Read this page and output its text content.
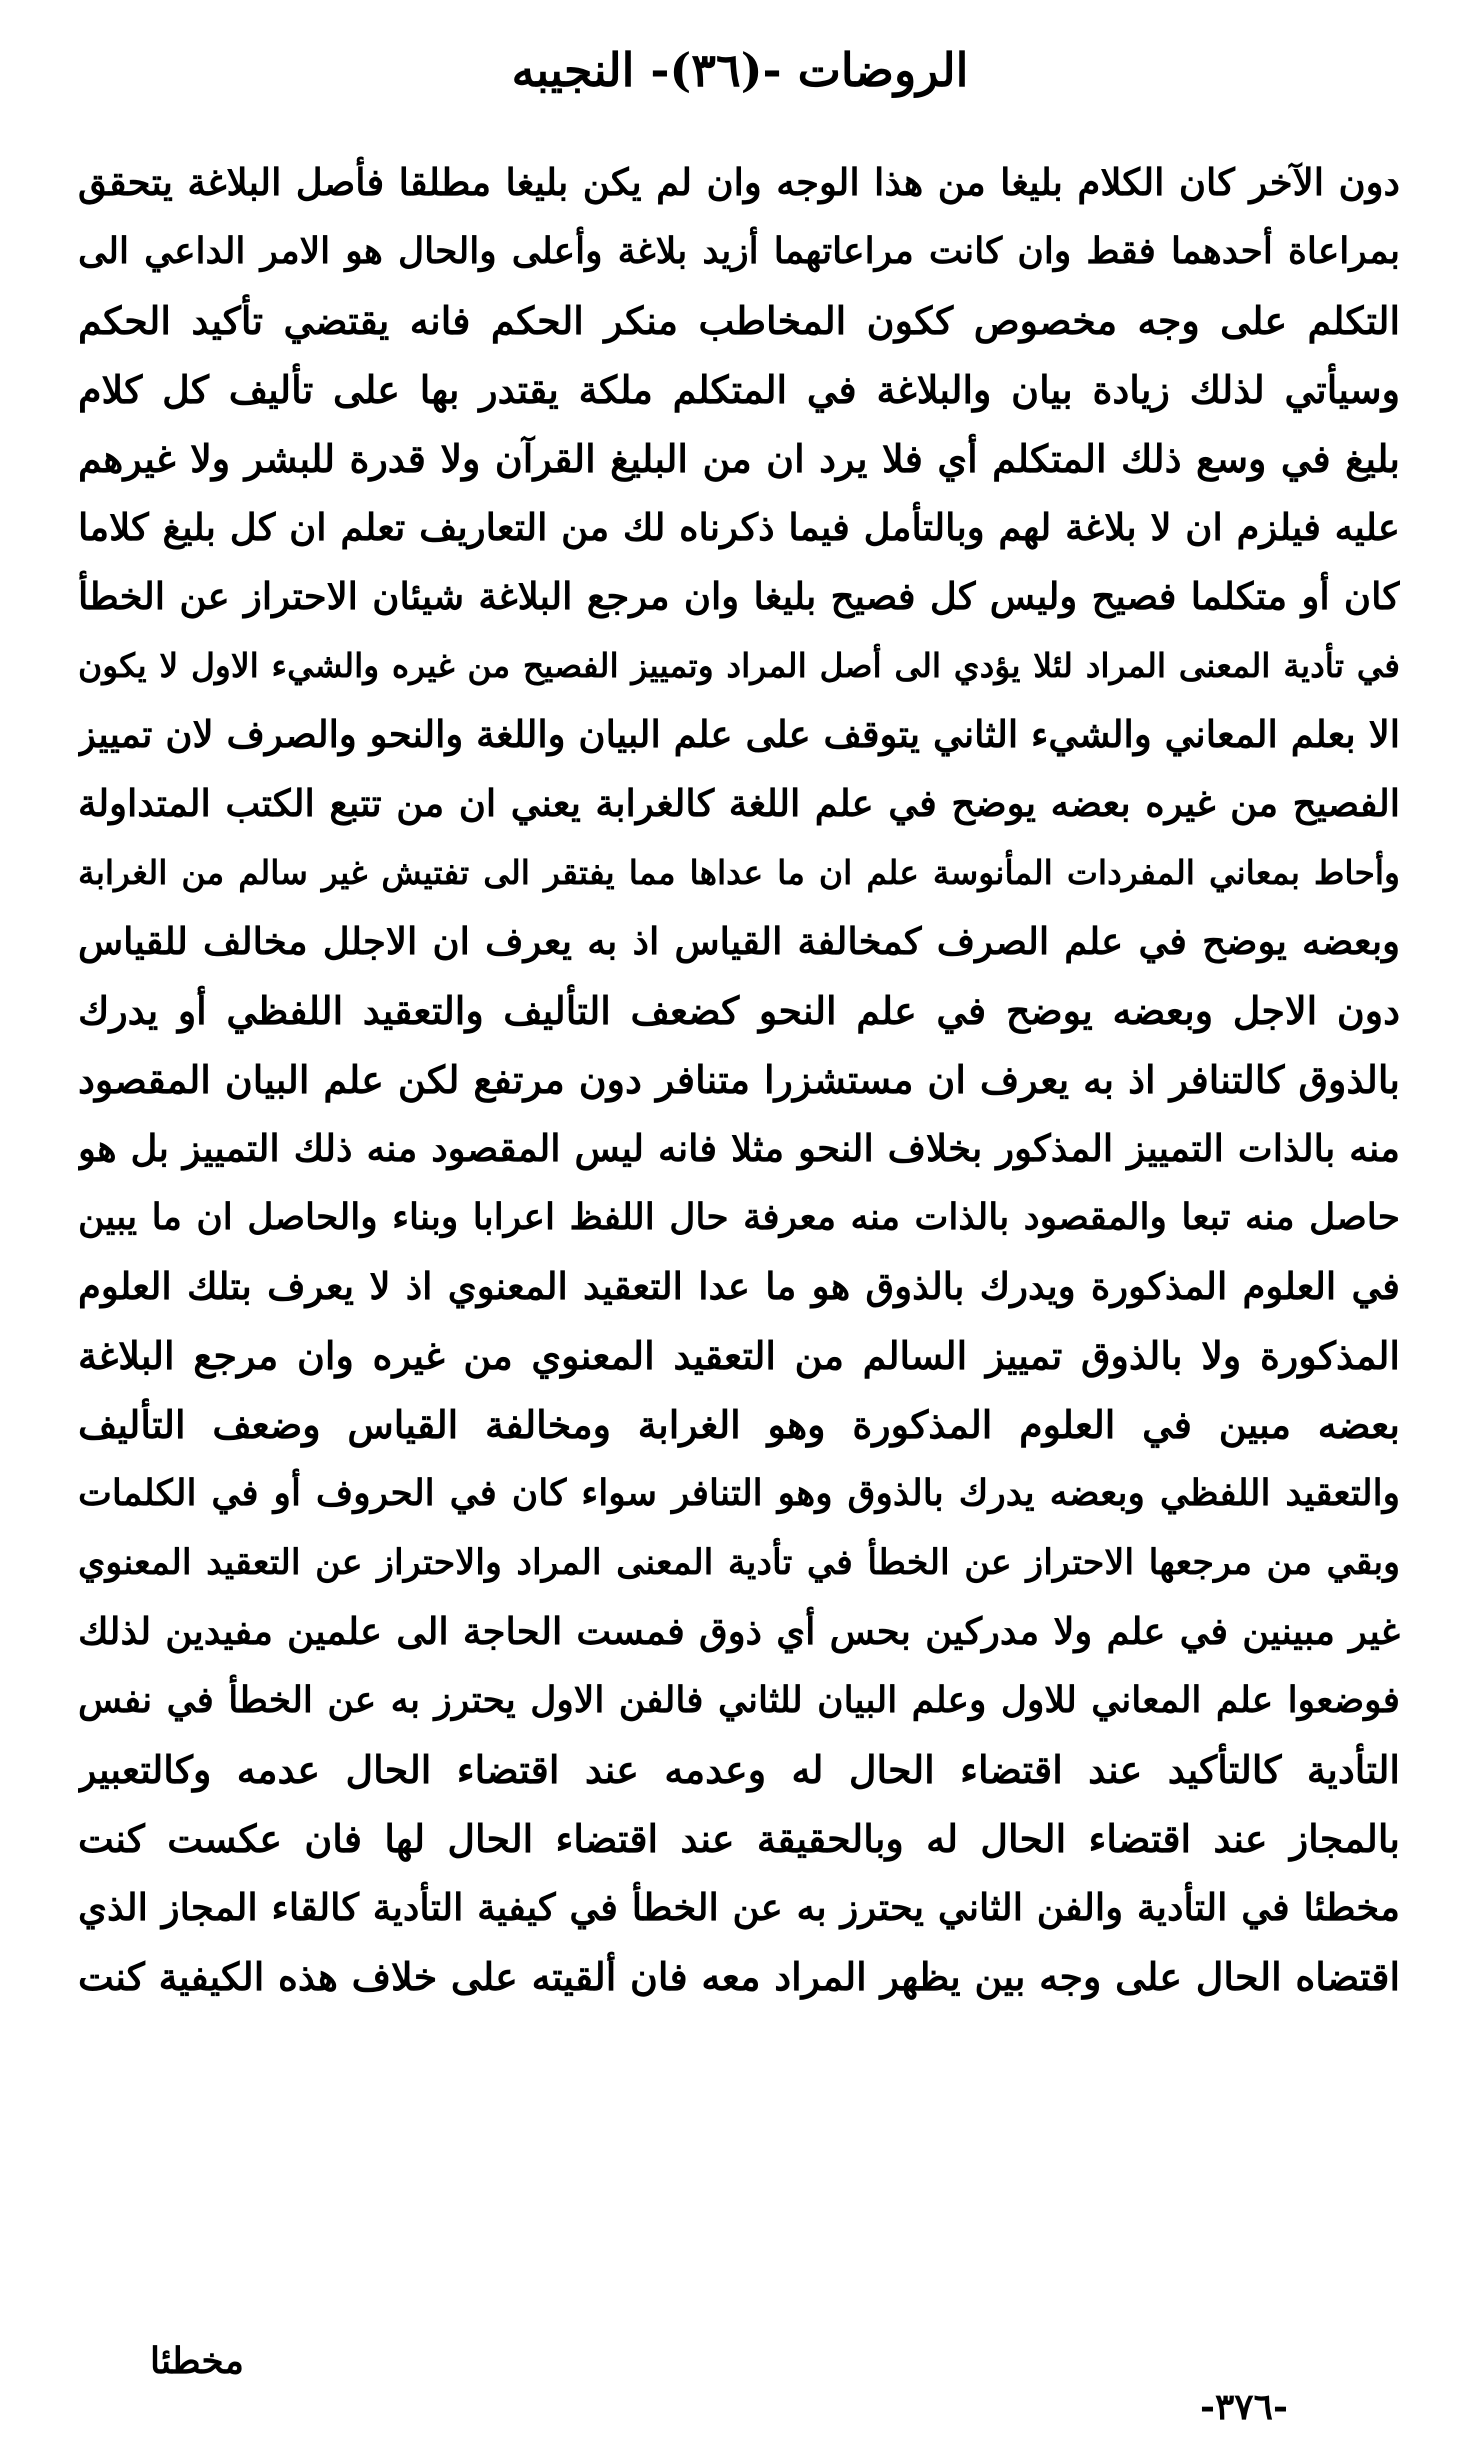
الروضات -(٣٦)- النجيبه
دون الآخر كان الكلام بليغا من هذا الوجه وان لم يكن بليغا مطلقا فأصل البلاغة يتحقق
بمراعاة أحدهما فقط وان كانت مراعاتهما أزيد بلاغة وأعلى والحال هو الامر الداعي الى
التكلم على وجه مخصوص ككون المخاطب منكر الحكم فانه يقتضي تأكيد الحكم
وسيأتي لذلك زيادة بيان والبلاغة في المتكلم ملكة يقتدر بها على تأليف كل كلام
بليغ في وسع ذلك المتكلم أي فلا يرد ان من البليغ القرآن ولا قدرة للبشر ولا غيرهم
عليه فيلزم ان لا بلاغة لهم وبالتأمل فيما ذكرناه لك من التعاريف تعلم ان كل بليغ كلاما
كان أو متكلما فصيح وليس كل فصيح بليغا وان مرجع البلاغة شيئان الاحتراز عن الخطأ
في تأدية المعنى المراد لئلا يؤدي الى أصل المراد وتمييز الفصيح من غيره والشيء الاول لا يكون
الا بعلم المعاني والشيء الثاني يتوقف على علم البيان واللغة والنحو والصرف لان تمييز
الفصيح من غيره بعضه يوضح في علم اللغة كالغرابة يعني ان من تتبع الكتب المتداولة
وأحاط بمعاني المفردات المأنوسة علم ان ما عداها مما يفتقر الى تفتيش غير سالم من الغرابة
وبعضه يوضح في علم الصرف كمخالفة القياس اذ به يعرف ان الاجلل مخالف للقياس
دون الاجل وبعضه يوضح في علم النحو كضعف التأليف والتعقيد اللفظي أو يدرك
بالذوق كالتنافر اذ به يعرف ان مستشزرا متنافر دون مرتفع لكن علم البيان المقصود
منه بالذات التمييز المذكور بخلاف النحو مثلا فانه ليس المقصود منه ذلك التمييز بل هو
حاصل منه تبعا والمقصود بالذات منه معرفة حال اللفظ اعرابا وبناء والحاصل ان ما يبين
في العلوم المذكورة ويدرك بالذوق هو ما عدا التعقيد المعنوي اذ لا يعرف بتلك العلوم
المذكورة ولا بالذوق تمييز السالم من التعقيد المعنوي من غيره وان مرجع البلاغة
بعضه مبين في العلوم المذكورة وهو الغرابة ومخالفة القياس وضعف التأليف
والتعقيد اللفظي وبعضه يدرك بالذوق وهو التنافر سواء كان في الحروف أو في الكلمات
وبقي من مرجعها الاحتراز عن الخطأ في تأدية المعنى المراد والاحتراز عن التعقيد المعنوي
غير مبينين في علم ولا مدركين بحس أي ذوق فمست الحاجة الى علمين مفيدين لذلك
فوضعوا علم المعاني للاول وعلم البيان للثاني فالفن الاول يحترز به عن الخطأ في نفس
التأدية كالتأكيد عند اقتضاء الحال له وعدمه عند اقتضاء الحال عدمه وكالتعبير
بالمجاز عند اقتضاء الحال له وبالحقيقة عند اقتضاء الحال لها فان عكست كنت
مخطئا في التأدية والفن الثاني يحترز به عن الخطأ في كيفية التأدية كالقاء المجاز الذي
اقتضاه الحال على وجه بين يظهر المراد معه فان ألقيته على خلاف هذه الكيفية كنت
مخطئا
-٣٧٦-
